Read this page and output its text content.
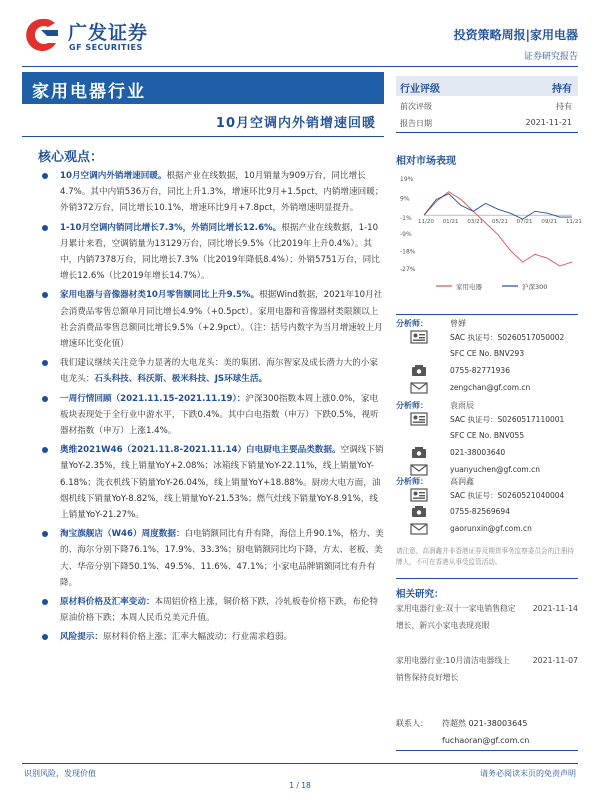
广发证券
GF SECURITIES
投资策略周报|家用电器
证券研究报告
家用电器行业
10月空调内外销增速回暖
核心观点：
10月空调内外销增速回暖。根据产业在线数据，10月销量为909万台，同比增长4.7%。其中内销536万台，同比上升1.3%，增速环比9月+1.5pct，内销增速回暖；外销372万台，同比增长10.1%，增速环比9月+7.8pct，外销增速明显提升。
1-10月空调内销同比增长7.3%，外销同比增长12.6%。根据产业在线数据，1-10月累计来看，空调销量为13129万台，同比增长9.5%（比2019年上升0.4%）。其中，内销7378万台，同比增长7.3%（比2019年降低8.4%）；外销5751万台，同比增长12.6%（比2019年增长14.7%）。
家用电器与音像器材类10月零售额同比上升9.5%。根据Wind数据，2021年10月社会消费品零售总额单月同比增长4.9%（+0.5pct）。家用电器和音像器材类限额以上社会消费品零售总额同比增长9.5%（+2.9pct）。（注：括号内数字为当月增速较上月增速环比变化值）
我们建议继续关注竞争力显著的大电龙头：美的集团、海尔智家及成长潜力大的小家电龙头：石头科技、科沃斯、极米科技、JS环球生活。
一周行情回顾（2021.11.15-2021.11.19）：沪深300指数本周上涨0.0%，家电板块表现处于全行业中游水平，下跌0.4%。其中白电指数（申万）下跌0.5%，视听器材指数（申万）上涨1.4%。
奥维2021W46（2021.11.8-2021.11.14）白电厨电主要品类数据。空调线下销量YoY-2.35%，线上销量YoY+2.08%；冰箱线下销量YoY-22.11%，线上销量YoY-6.18%；洗衣机线下销量YoY-26.04%，线上销量YoY+18.88%。厨房大电方面，油烟机线下销量YoY-8.82%，线上销量YoY-21.53%；燃气灶线下销量YoY-8.91%，线上销量YoY-21.27%。
淘宝旗舰店（W46）周度数据：白电销额同比有升有降，海信上升90.1%，格力、美的、海尔分别下降76.1%、17.9%、33.3%；厨电销额同比均下降，方太、老板、美大、华帝分别下降50.1%、49.5%、11.6%、47.1%；小家电品牌销额同比有升有降。
原材料价格及汇率变动：本周铝价格上涨，铜价格下跌，冷轧板卷价格下跌，布伦特原油价格下跌；本周人民币兑美元升值。
风险提示：原材料价格上涨；汇率大幅波动；行业需求趋弱。
行业评级	持有
前次评级	持有
报告日期	2021-11-21
相对市场表现
19%
9%
-1%
-9%
-18%
-27%
11/20 01/21 03/21 05/21 07/21 09/21 11/21
家用电器	沪深300
分析师：	曾婵
SAC 执证号：S0260517050002
SFC CE No. BNV293
0755-82771936
zengchan@gf.com.cn
分析师：	袁雨辰
SAC 执证号：S0260517110001
SFC CE No. BNV055
021-38003640
yuanyuchen@gf.com.cn
分析师：	高润鑫
SAC 执证号：S0260521040004
0755-82569694
gaorunxin@gf.com.cn
请注意，高润鑫并非香港证券及期货事务监察委员会的注册持牌人，不可在香港从事受监管活动。
相关研究：
家用电器行业:双十一家电销售稳定增长，新兴小家电表现亮眼
2021-11-14
家用电器行业:10月清洁电器线上销售保持良好增长
2021-11-07
联系人： 符超然 021-38003645
fuchaoran@gf.com.cn
识别风险，发现价值	请务必阅读末页的免责声明
1 / 18
